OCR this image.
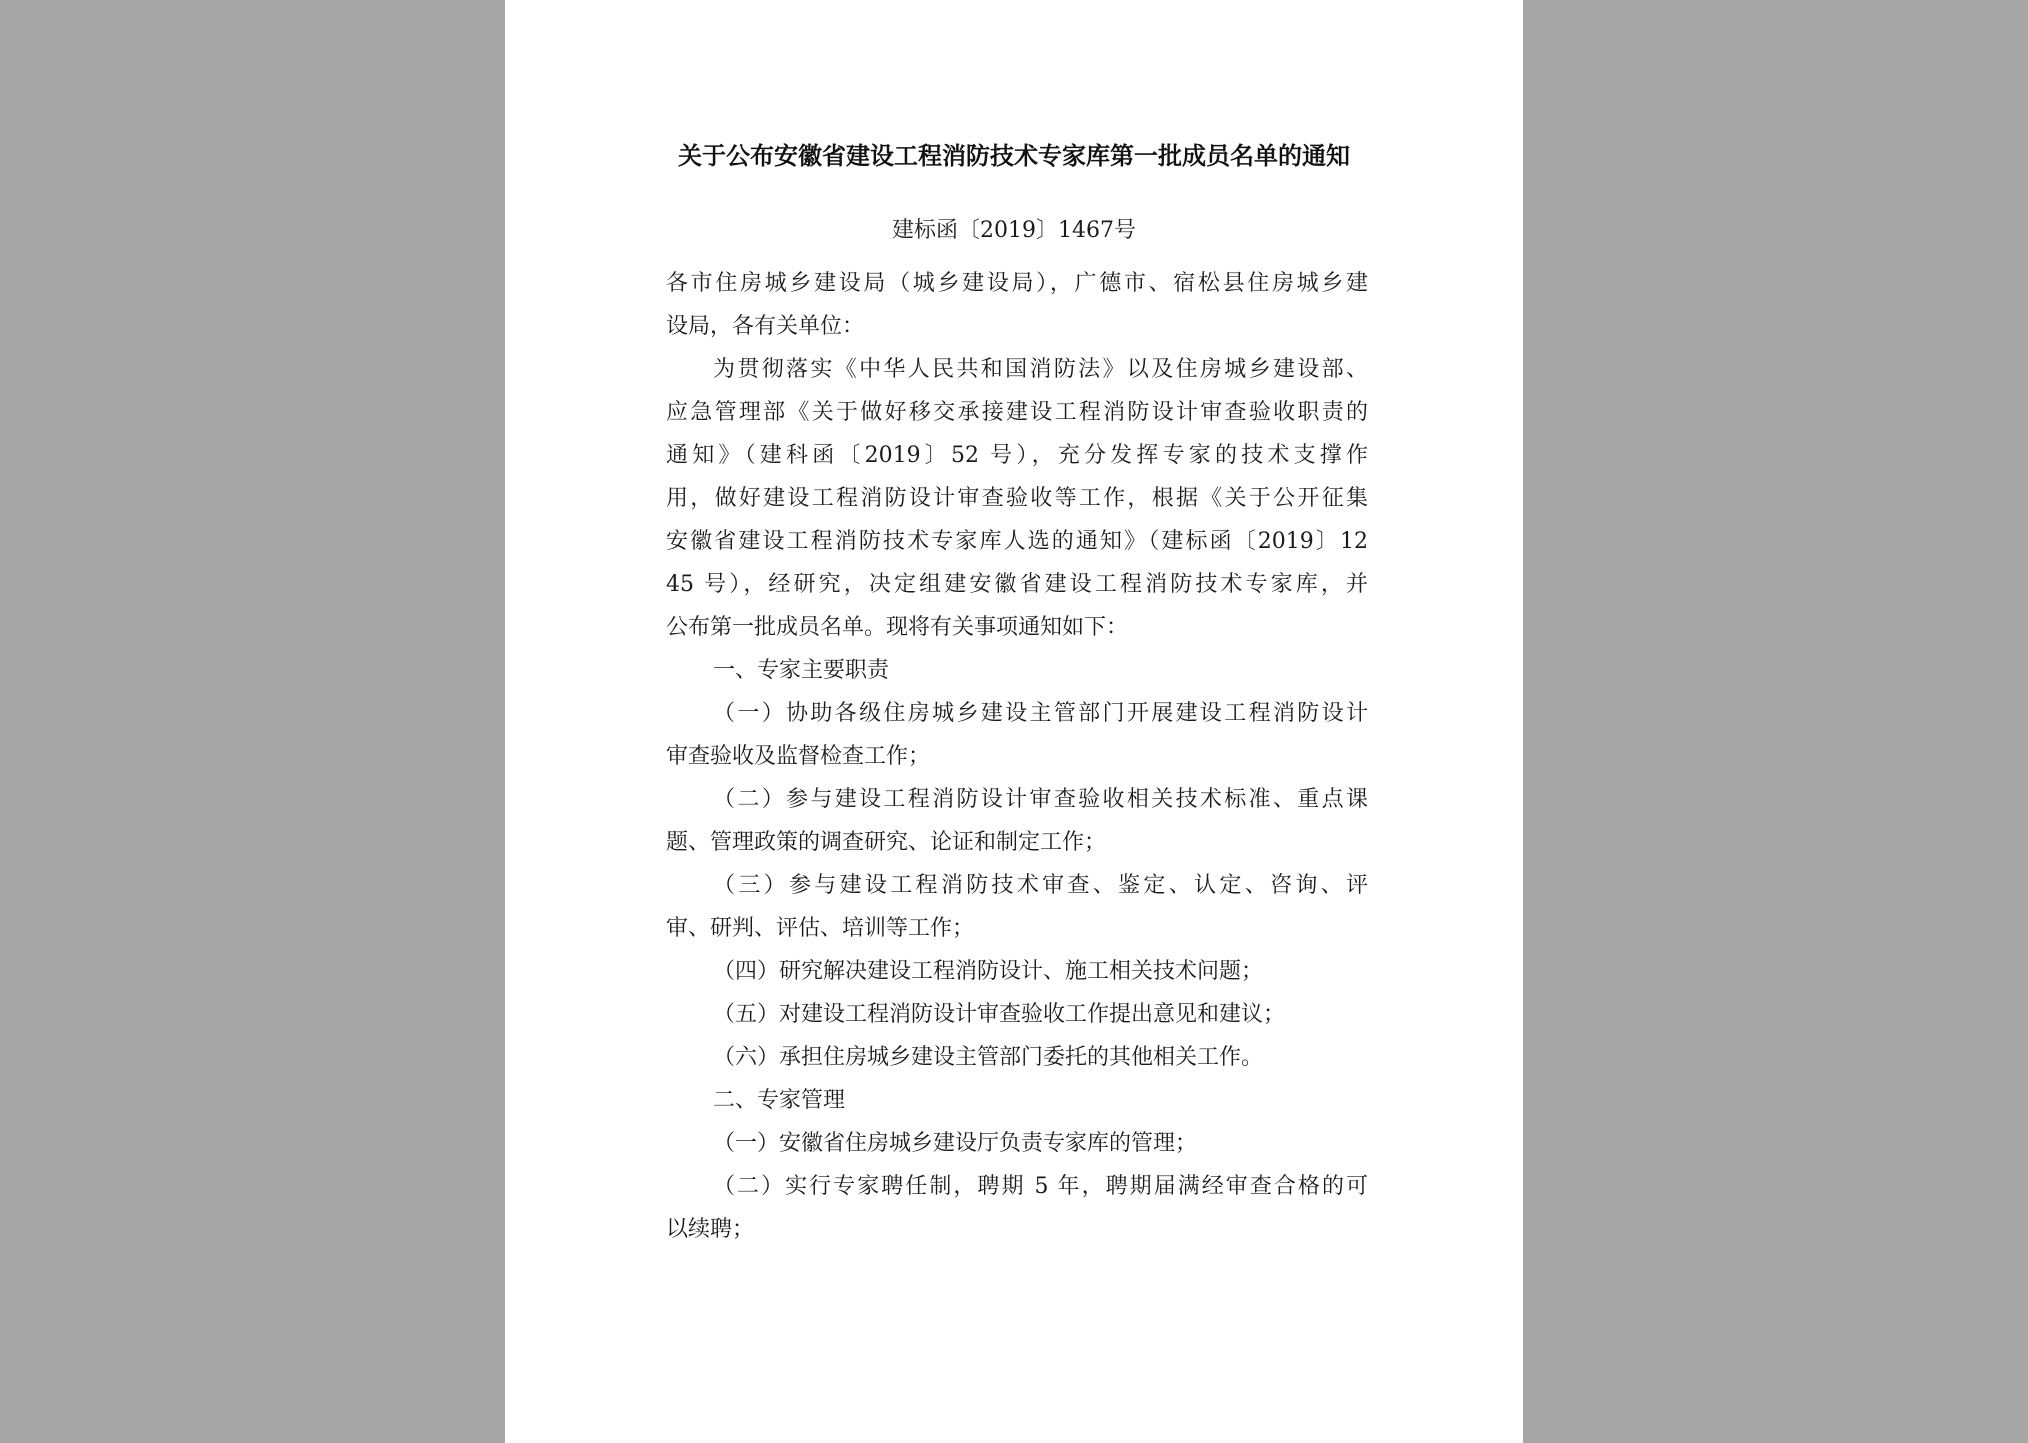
关于公布安徽省建设工程消防技术专家库第一批成员名单的通知
建标函〔2019〕1467号
各市住房城乡建设局（城乡建设局），广德市、宿松县住房城乡建
设局，各有关单位：
为贯彻落实《中华人民共和国消防法》以及住房城乡建设部、
应急管理部《关于做好移交承接建设工程消防设计审查验收职责的
通知》（建科函〔2019〕52 号），充分发挥专家的技术支撑作
用，做好建设工程消防设计审查验收等工作，根据《关于公开征集
安徽省建设工程消防技术专家库人选的通知》（建标函〔2019〕12
45 号），经研究，决定组建安徽省建设工程消防技术专家库，并
公布第一批成员名单。现将有关事项通知如下：
一、专家主要职责
（一）协助各级住房城乡建设主管部门开展建设工程消防设计
审查验收及监督检查工作；
（二）参与建设工程消防设计审查验收相关技术标准、重点课
题、管理政策的调查研究、论证和制定工作；
（三）参与建设工程消防技术审查、鉴定、认定、咨询、评
审、研判、评估、培训等工作；
（四）研究解决建设工程消防设计、施工相关技术问题；
（五）对建设工程消防设计审查验收工作提出意见和建议；
（六）承担住房城乡建设主管部门委托的其他相关工作。
二、专家管理
（一）安徽省住房城乡建设厅负责专家库的管理；
（二）实行专家聘任制，聘期 5 年，聘期届满经审查合格的可
以续聘；
